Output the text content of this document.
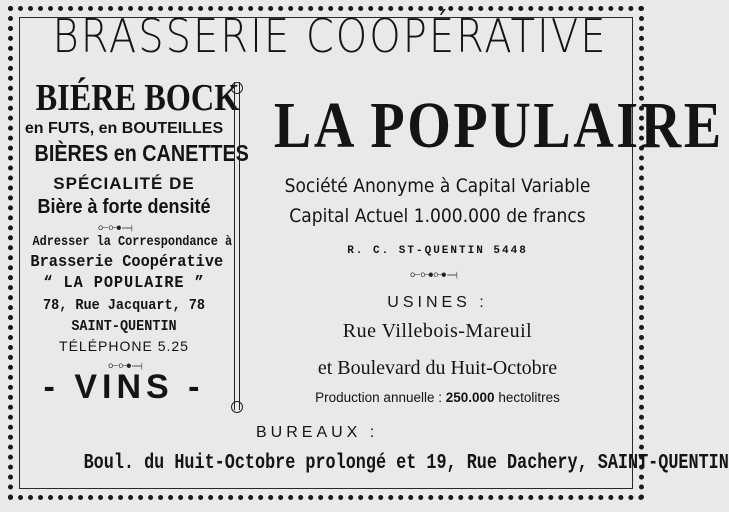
BRASSERIE COOPÉRATIVE
BIÉRE BOCK
en FUTS, en BOUTEILLES
BIÈRES en CANETTES
SPÉCIALITÉ DE
Bière à forte densité
⟜⊶⟞
Adresser la Correspondance à
Brasserie Coopérative
“ LA POPULAIRE ”
78, Rue Jacquart, 78
SAINT-QUENTIN
TÉLÉPHONE 5.25
⟜⊶⟞
- VINS -
LA POPULAIRE
Société Anonyme à Capital Variable
Capital Actuel 1.000.000 de francs
R. C. ST-QUENTIN 5448
⟜⊶⊶⟞
USINES :
Rue Villebois-Mareuil
et Boulevard du Huit-Octobre
Production annuelle : 250.000 hectolitres
BUREAUX :
Boul. du Huit-Octobre prolongé et 19, Rue Dachery, SAINT-QUENTIN
